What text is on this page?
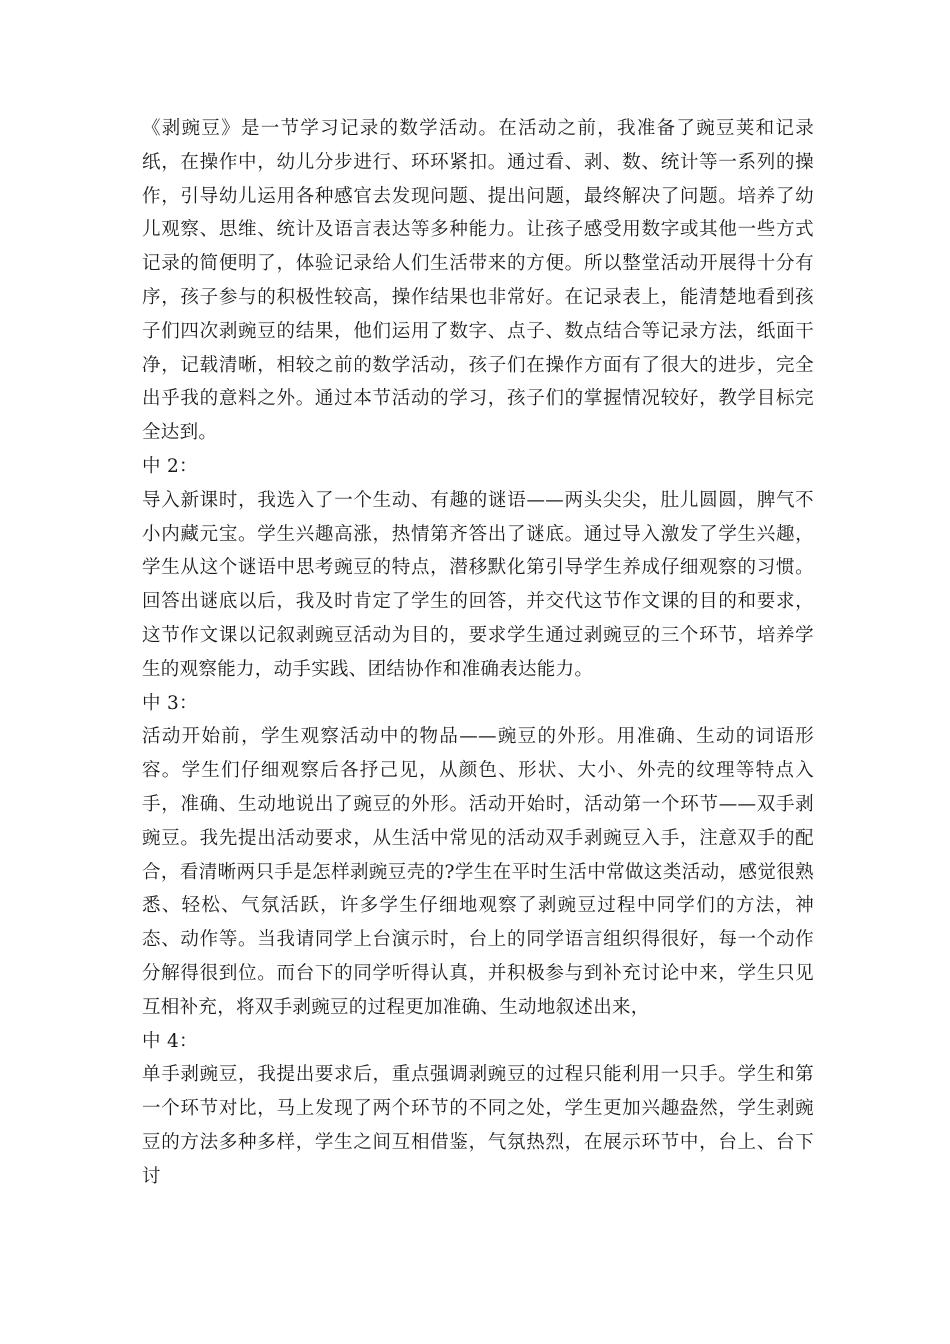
《剥豌豆》是一节学习记录的数学活动。在活动之前，我准备了豌豆荚和记录纸，在操作中，幼儿分步进行、环环紧扣。通过看、剥、数、统计等一系列的操作，引导幼儿运用各种感官去发现问题、提出问题，最终解决了问题。培养了幼儿观察、思维、统计及语言表达等多种能力。让孩子感受用数字或其他一些方式记录的简便明了，体验记录给人们生活带来的方便。所以整堂活动开展得十分有序，孩子参与的积极性较高，操作结果也非常好。在记录表上，能清楚地看到孩子们四次剥豌豆的结果，他们运用了数字、点子、数点结合等记录方法，纸面干净，记载清晰，相较之前的数学活动，孩子们在操作方面有了很大的进步，完全出乎我的意料之外。通过本节活动的学习，孩子们的掌握情况较好，教学目标完全达到。

中 2：

导入新课时，我选入了一个生动、有趣的谜语——两头尖尖，肚儿圆圆，脾气不小内藏元宝。学生兴趣高涨，热情第齐答出了谜底。通过导入激发了学生兴趣，学生从这个谜语中思考豌豆的特点，潜移默化第引导学生养成仔细观察的习惯。回答出谜底以后，我及时肯定了学生的回答，并交代这节作文课的目的和要求，这节作文课以记叙剥豌豆活动为目的，要求学生通过剥豌豆的三个环节，培养学生的观察能力，动手实践、团结协作和准确表达能力。

中 3：

活动开始前，学生观察活动中的物品——豌豆的外形。用准确、生动的词语形容。学生们仔细观察后各抒己见，从颜色、形状、大小、外壳的纹理等特点入手，准确、生动地说出了豌豆的外形。活动开始时，活动第一个环节——双手剥豌豆。我先提出活动要求，从生活中常见的活动双手剥豌豆入手，注意双手的配合，看清晰两只手是怎样剥豌豆壳的?学生在平时生活中常做这类活动，感觉很熟悉、轻松、气氛活跃，许多学生仔细地观察了剥豌豆过程中同学们的方法，神态、动作等。当我请同学上台演示时，台上的同学语言组织得很好，每一个动作分解得很到位。而台下的同学听得认真，并积极参与到补充讨论中来，学生只见互相补充，将双手剥豌豆的过程更加准确、生动地叙述出来，

中 4：

单手剥豌豆，我提出要求后，重点强调剥豌豆的过程只能利用一只手。学生和第一个环节对比，马上发现了两个环节的不同之处，学生更加兴趣盎然，学生剥豌豆的方法多种多样，学生之间互相借鉴，气氛热烈，在展示环节中，台上、台下讨
